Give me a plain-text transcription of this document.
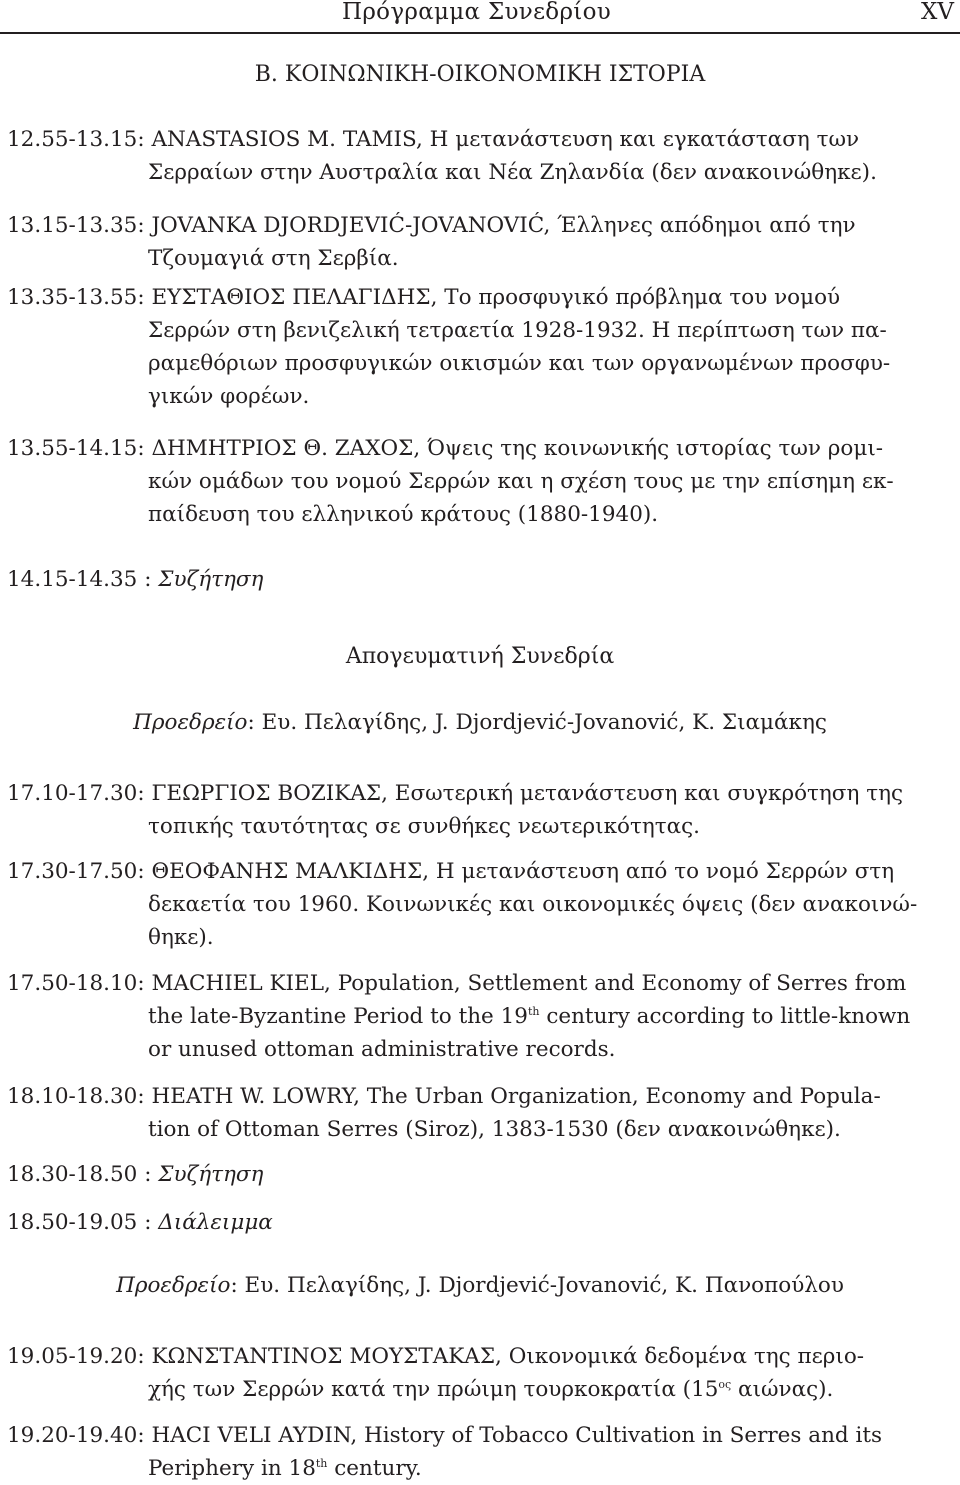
Πρόγραμμα Συνεδρίου	XV
B. ΚΟΙΝΩΝΙΚΗ-ΟΙΚΟΝΟΜΙΚΗ ΙΣΤΟΡΙΑ
12.55-13.15: ANASTASIOS M. TAMIS, Η μετανάστευση και εγκατάσταση των
Σερραίων στην Αυστραλία και Νέα Ζηλανδία (δεν ανακοινώθηκε).
13.15-13.35: JOVANKA DJORDJEVIĆ-JOVANOVIĆ, Έλληνες απόδημοι από την
Τζουμαγιά στη Σερβία.
13.35-13.55: ΕΥΣΤΑΘΙΟΣ ΠΕΛΑΓΙΔΗΣ, Το προσφυγικό πρόβλημα του νομού
Σερρών στη βενιζελική τετραετία 1928-1932. Η περίπτωση των πα-
ραμεθόριων προσφυγικών οικισμών και των οργανωμένων προσφυ-
γικών φορέων.
13.55-14.15: ΔΗΜΗΤΡΙΟΣ Θ. ΖΑΧΟΣ, Όψεις της κοινωνικής ιστορίας των ρομι-
κών ομάδων του νομού Σερρών και η σχέση τους με την επίσημη εκ-
παίδευση του ελληνικού κράτους (1880-1940).
14.15-14.35 : Συζήτηση
Απογευματινή Συνεδρία
Προεδρείο: Ευ. Πελαγίδης, J. Djordjević-Jovanović, Κ. Σιαμάκης
17.10-17.30: ΓΕΩΡΓΙΟΣ ΒΟΖΙΚΑΣ, Εσωτερική μετανάστευση και συγκρότηση της
τοπικής ταυτότητας σε συνθήκες νεωτερικότητας.
17.30-17.50: ΘΕΟΦΑΝΗΣ ΜΑΛΚΙΔΗΣ, Η μετανάστευση από το νομό Σερρών στη
δεκαετία του 1960. Κοινωνικές και οικονομικές όψεις (δεν ανακοινώ-
θηκε).
17.50-18.10: MACHIEL KIEL, Population, Settlement and Economy of Serres from
the late-Byzantine Period to the 19th century according to little-known
or unused ottoman administrative records.
18.10-18.30: HEATH W. LOWRY, The Urban Organization, Economy and Popula-
tion of Ottoman Serres (Siroz), 1383-1530 (δεν ανακοινώθηκε).
18.30-18.50 : Συζήτηση
18.50-19.05 : Διάλειμμα
Προεδρείο: Ευ. Πελαγίδης, J. Djordjević-Jovanović, Κ. Πανοπούλου
19.05-19.20: ΚΩΝΣΤΑΝΤΙΝΟΣ ΜΟΥΣΤΑΚΑΣ, Οικονομικά δεδομένα της περιο-
χής των Σερρών κατά την πρώιμη τουρκοκρατία ($15^{o\varsigma}$ αιώνας).
19.20-19.40: HACI VELI AYDIN, History of Tobacco Cultivation in Serres and its
Periphery in 18th century.
